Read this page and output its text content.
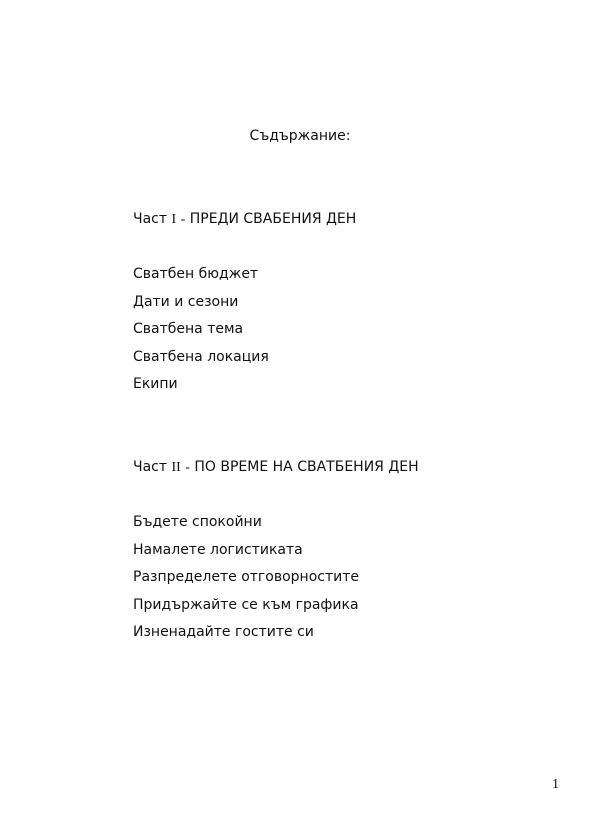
Съдържание:
Част I - ПРЕДИ СВАБЕНИЯ ДЕН
Сватбен бюджет
Дати и сезони
Сватбена тема
Сватбена локация
Екипи
Част II - ПО ВРЕМЕ НА СВАТБЕНИЯ ДЕН
Бъдете спокойни
Намалете логистиката
Разпределете отговорностите
Придържайте се към графика
Изненадайте гостите си
1
